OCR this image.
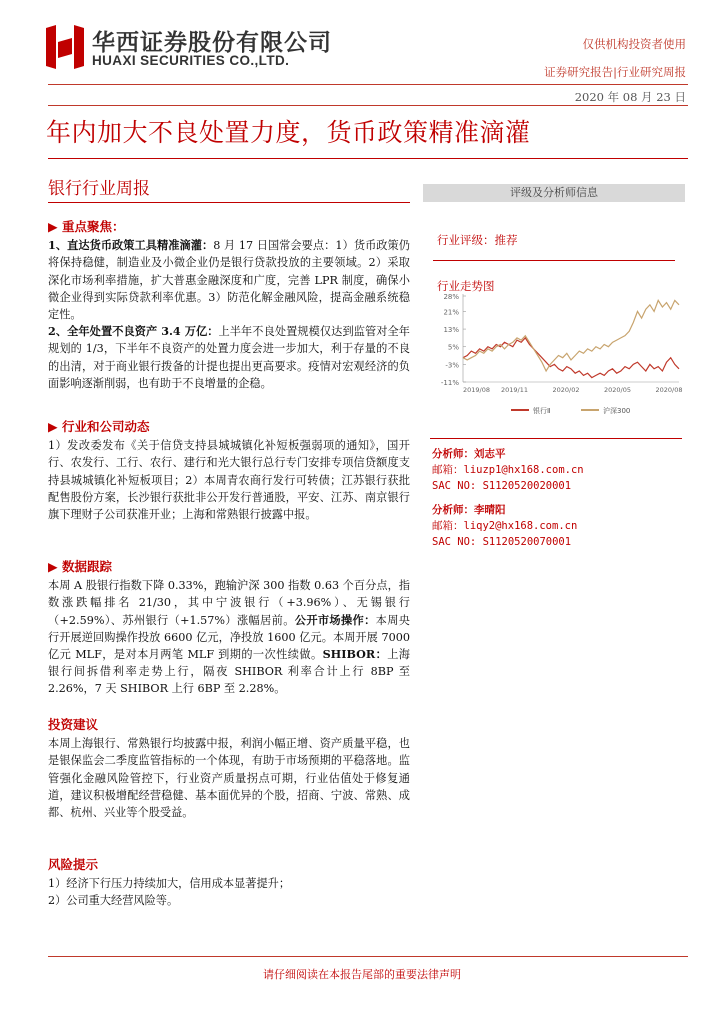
华西证券股份有限公司
HUAXI SECURITIES CO.,LTD.
仅供机构投资者使用
证券研究报告|行业研究周报
2020 年 08 月 23 日
年内加大不良处置力度，货币政策精准滴灌
银行行业周报
▶ 重点聚焦：

1、直达货币政策工具精准滴灌：8 月 17 日国常会要点：1）货币政策仍将保持稳健，制造业及小微企业仍是银行贷款投放的主要领域。2）采取深化市场利率措施，扩大普惠金融深度和广度，完善 LPR 制度，确保小微企业得到实际贷款利率优惠。3）防范化解金融风险，提高金融系统稳定性。

2、全年处置不良资产 3.4 万亿：上半年不良处置规模仅达到监管对全年规划的 1/3，下半年不良资产的处置力度会进一步加大，利于存量的不良的出清，对于商业银行拨备的计提也提出更高要求。疫情对宏观经济的负面影响逐渐削弱，也有助于不良增量的企稳。

▶ 行业和公司动态

1）发改委发布《关于信贷支持县城城镇化补短板强弱项的通知》，国开行、农发行、工行、农行、建行和光大银行总行专门安排专项信贷额度支持县城城镇化补短板项目；2）本周青农商行发行可转债；江苏银行获批配售股份方案，长沙银行获批非公开发行普通股，平安、江苏、南京银行旗下理财子公司获准开业；上海和常熟银行披露中报。

▶ 数据跟踪

本周 A 股银行指数下降 0.33%，跑输沪深 300 指数 0.63 个百分点，指数涨跌幅排名 21/30，其中宁波银行（+3.96%）、无锡银行（+2.59%）、苏州银行（+1.57%）涨幅居前。公开市场操作：本周央行开展逆回购操作投放 6600 亿元，净投放 1600 亿元。本周开展 7000 亿元 MLF，是对本月两笔 MLF 到期的一次性续做。SHIBOR：上海银行间拆借利率走势上行，隔夜 SHIBOR 利率合计上行 8BP 至 2.26%，7 天 SHIBOR 上行 6BP 至 2.28%。

投资建议

本周上海银行、常熟银行均披露中报，利润小幅正增、资产质量平稳，也是银保监会二季度监管指标的一个体现，有助于市场预期的平稳落地。监管强化金融风险管控下，行业资产质量拐点可期，行业估值处于修复通道，建议积极增配经营稳健、基本面优异的个股，招商、宁波、常熟、成都、杭州、兴业等个股受益。

风险提示

1）经济下行压力持续加大，信用成本显著提升；

2）公司重大经营风险等。

评级及分析师信息
行业评级：推荐
行业走势图
28%
21%
13%
5%
-3%
-11%
2019/08 2019/11	2020/02	2020/05	2020/08
银行Ⅱ	沪深300
分析师：刘志平
邮箱：liuzp1@hx168.com.cn
SAC NO: S1120520020001
分析师：李晴阳
邮箱：liqy2@hx168.com.cn
SAC NO: S1120520070001
请仔细阅读在本报告尾部的重要法律声明
